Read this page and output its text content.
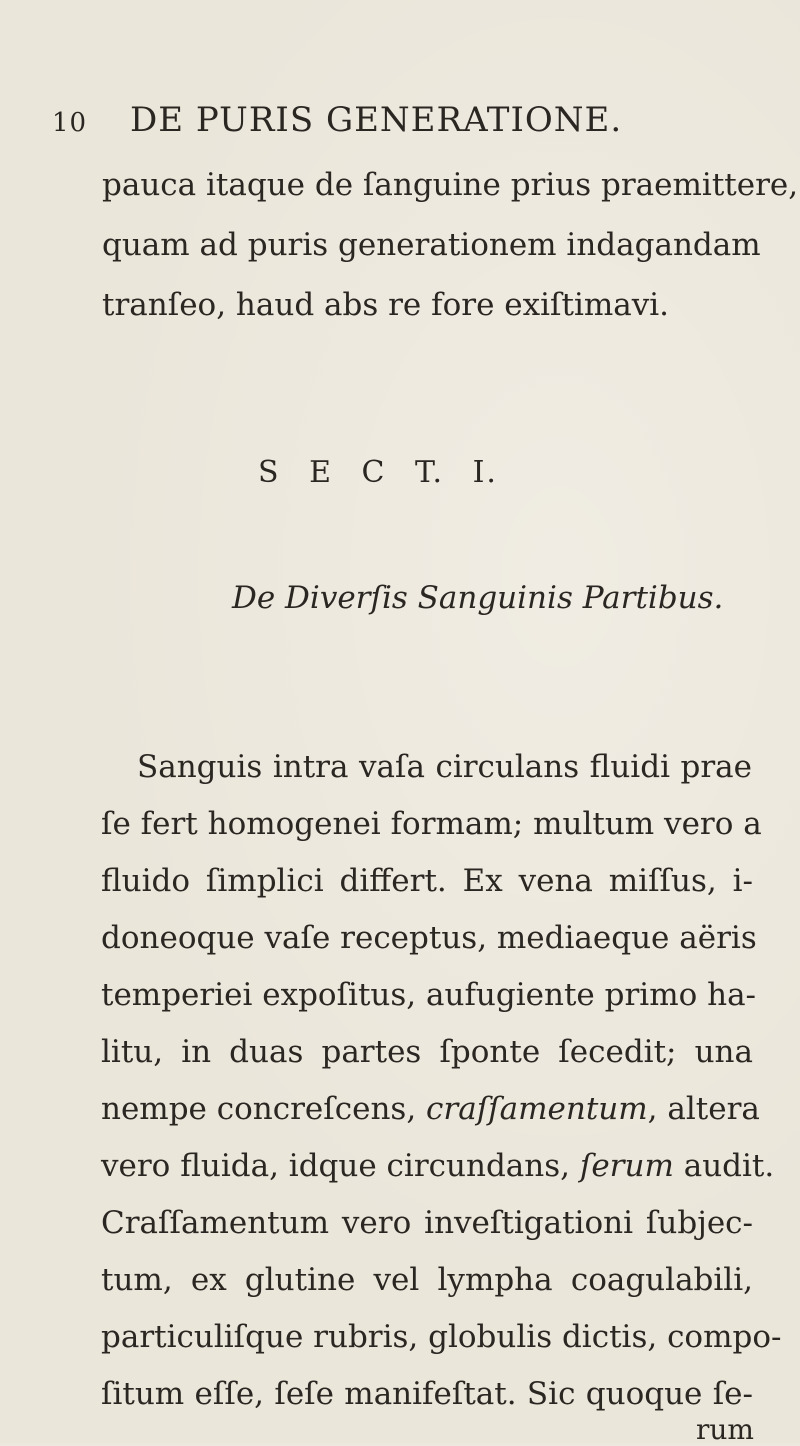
10 DE PURIS GENERATIONE.
pauca itaque de ſanguine prius praemittere,
quam ad puris generationem indagandam
tranſeo, haud abs re fore exiſtimavi.
S E C T. I.
De Diverſis Sanguinis Partibus.
Sanguis intra vaſa circulans fluidi prae
ſe fert homogenei formam; multum vero a
fluido ſimplici differt. Ex vena miſſus, i-
doneoque vaſe receptus, mediaeque aëris
temperiei expoſitus, aufugiente primo ha-
litu, in duas partes ſponte ſecedit; una
nempe concreſcens, craſſamentum, altera
vero fluida, idque circundans, ſerum audit.
Craſſamentum vero inveſtigationi ſubjec-
tum, ex glutine vel lympha coagulabili,
particuliſque rubris, globulis dictis, compo-
ſitum eſſe, ſeſe manifeſtat. Sic quoque ſe-
rum
